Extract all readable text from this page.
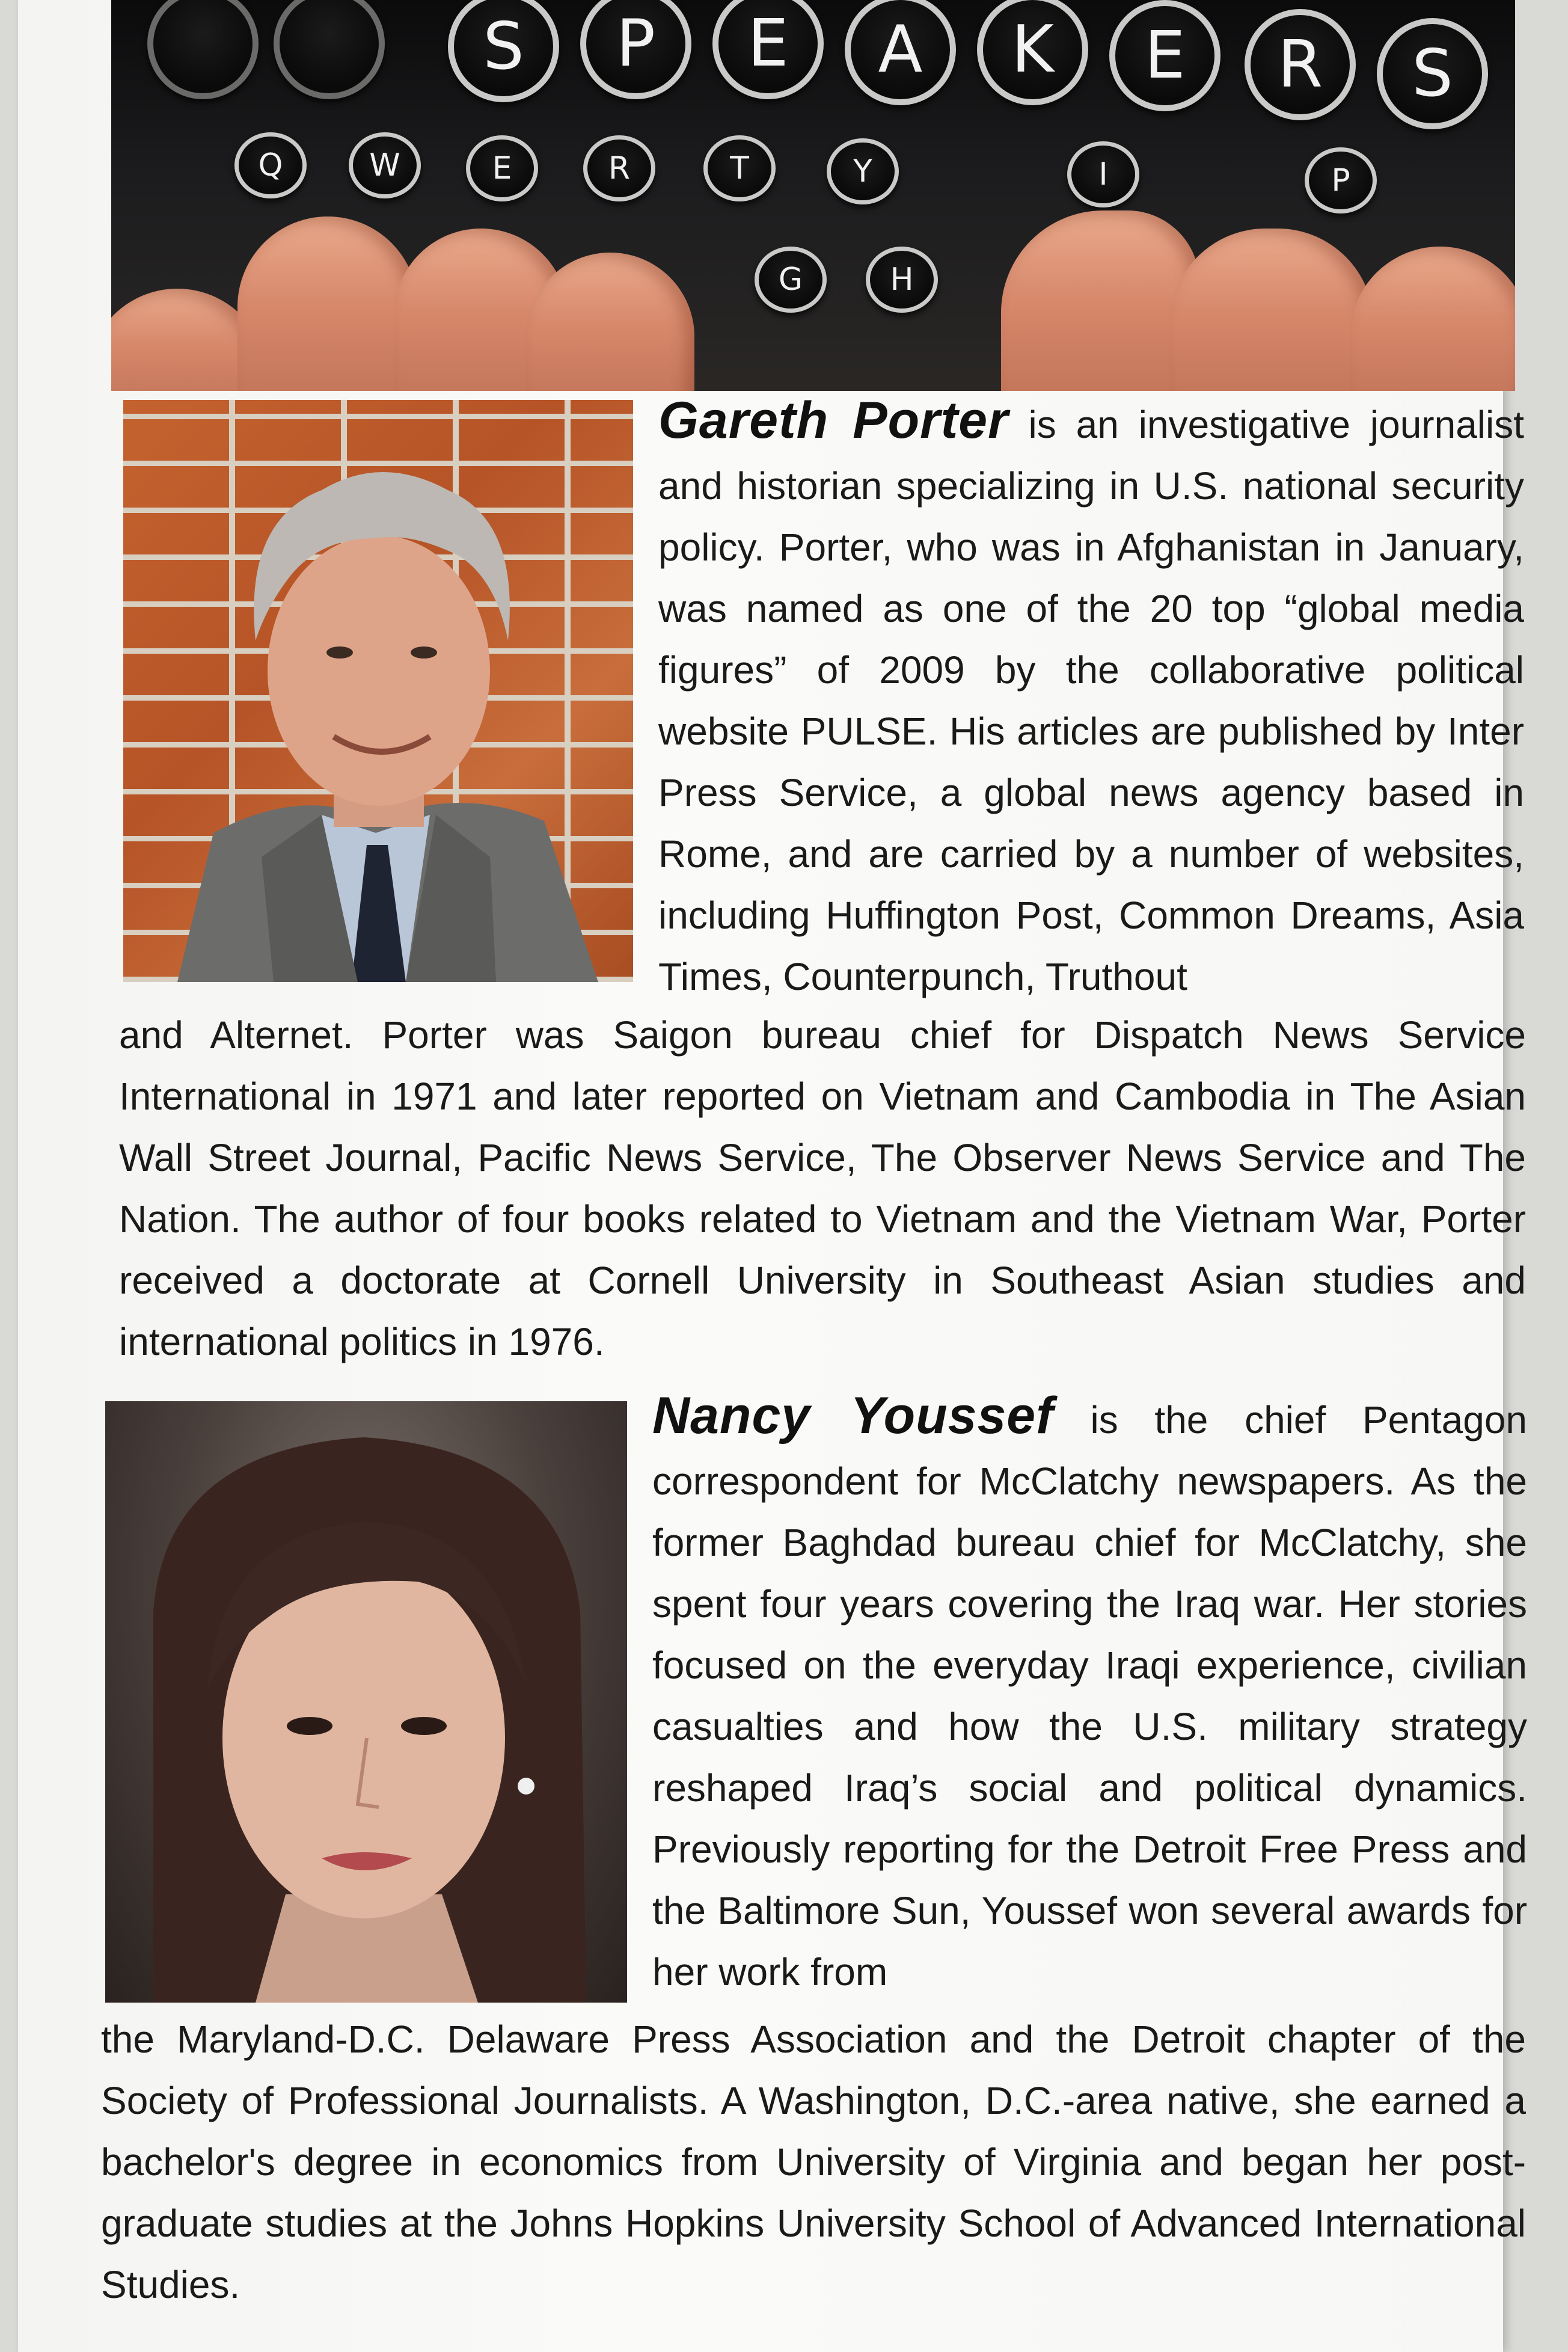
S	P	E	A	K	E	R	S
Q	W	E	R	T	Y	I	P
G	H

Gareth Porter is an investigative journalist and historian specializing in U.S. national security policy. Porter, who was in Afghanistan in January, was named as one of the 20 top “global media figures” of 2009 by the collaborative political website PULSE. His articles are published by Inter Press Service, a global news agency based in Rome, and are carried by a number of websites, including Huffington Post, Common Dreams, Asia Times, Counterpunch, Truthout

and Alternet. Porter was Saigon bureau chief for Dispatch News Service International in 1971 and later reported on Vietnam and Cambodia in The Asian Wall Street Journal, Pacific News Service, The Observer News Service and The Nation. The author of four books related to Vietnam and the Vietnam War, Porter received a doctorate at Cornell University in Southeast Asian studies and international politics in 1976.

Nancy Youssef is the chief Pentagon correspondent for McClatchy newspapers. As the former Baghdad bureau chief for McClatchy, she spent four years covering the Iraq war. Her stories focused on the everyday Iraqi experience, civilian casualties and how the U.S. military strategy reshaped Iraq’s social and political dynamics. Previously reporting for the Detroit Free Press and the Baltimore Sun, Youssef won several awards for her work from

the Maryland-D.C. Delaware Press Association and the Detroit chapter of the Society of Professional Journalists. A Washington, D.C.-area native, she earned a bachelor's degree in economics from University of Virginia and began her post-graduate studies at the Johns Hopkins University School of Advanced International Studies.
